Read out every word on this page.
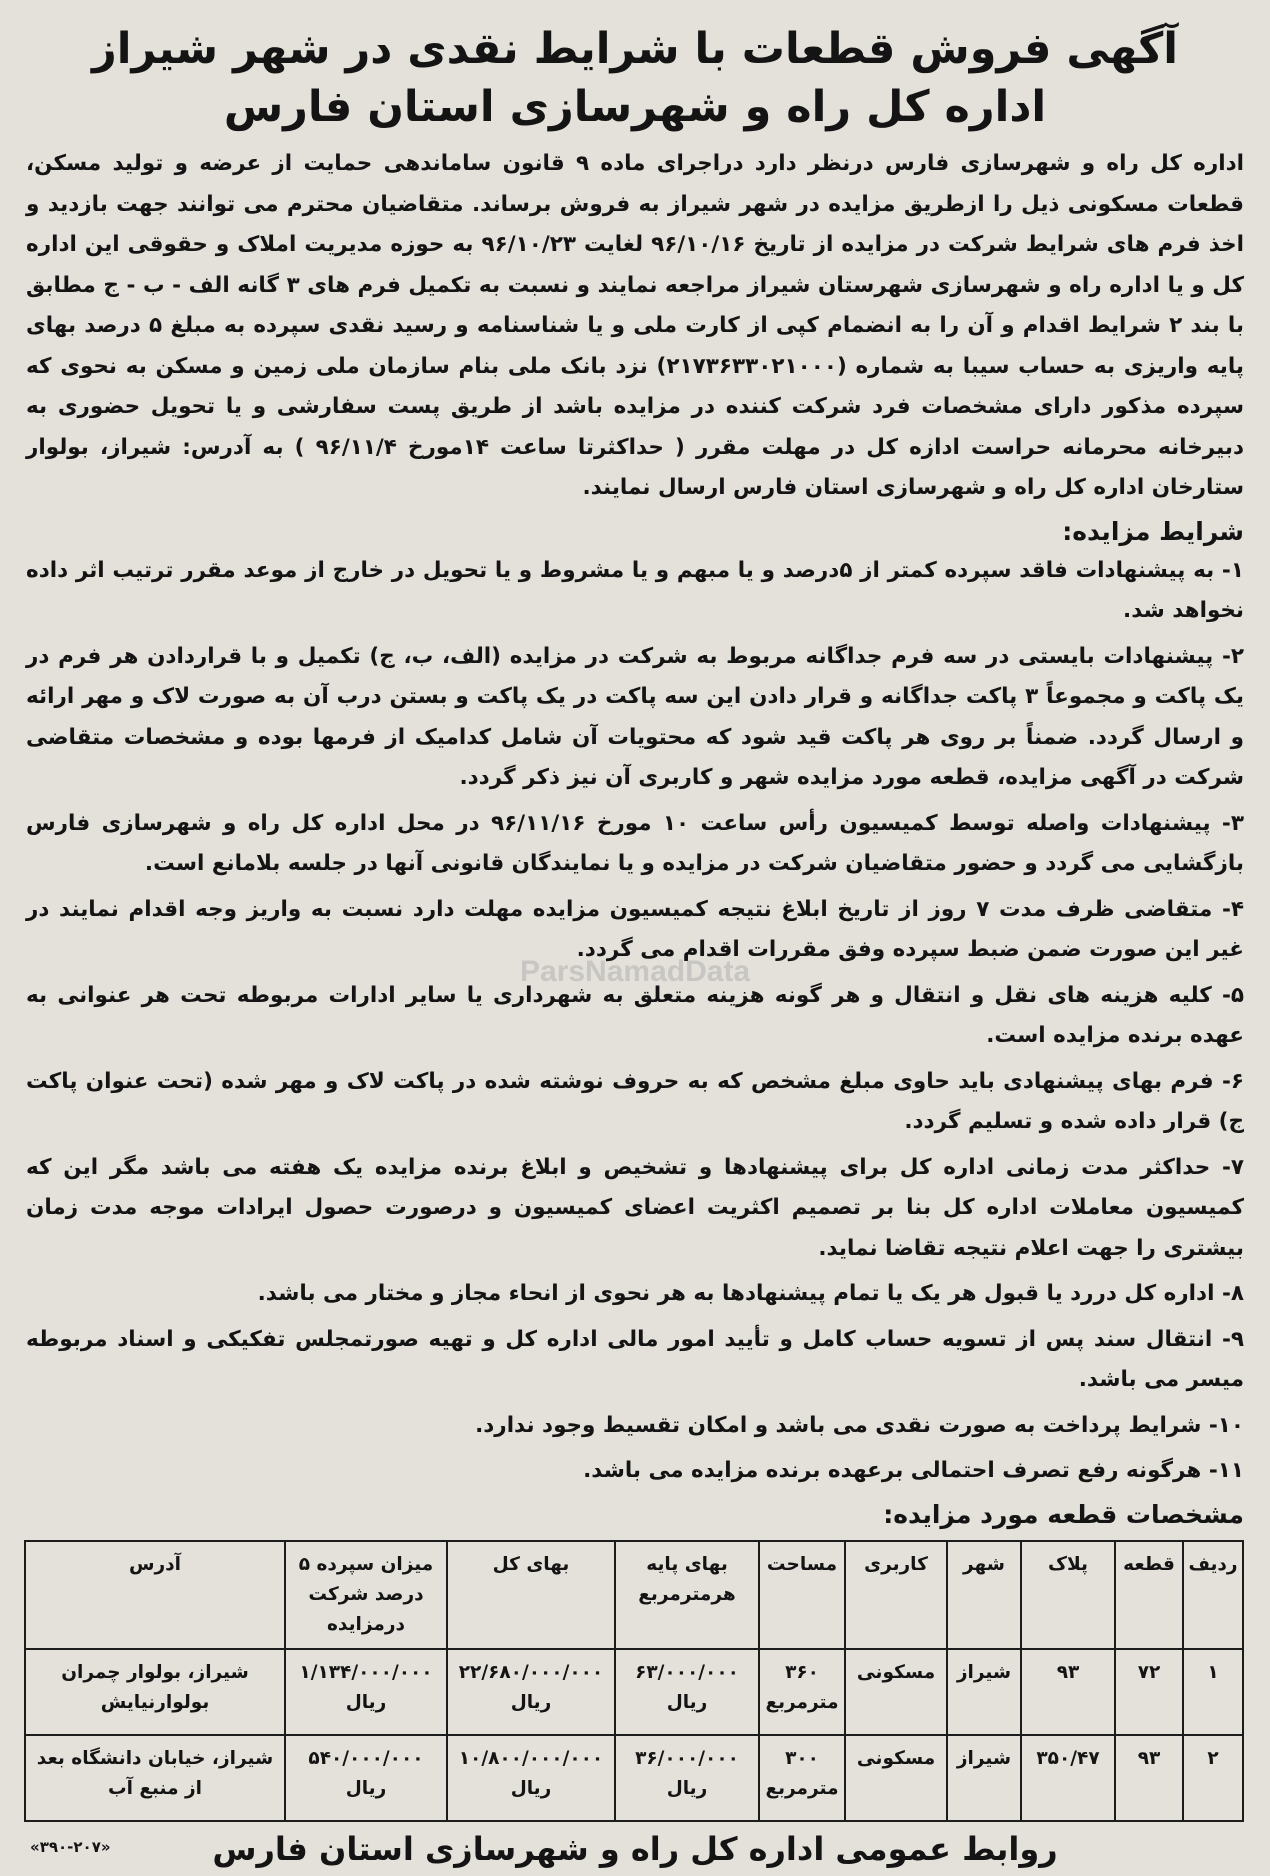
آگهی فروش قطعات با شرایط نقدی در شهر شیراز
اداره کل راه و شهرسازی استان فارس

اداره کل راه و شهرسازی فارس درنظر دارد دراجرای ماده ۹ قانون ساماندهی حمایت از عرضه و تولید مسکن، قطعات مسکونی ذیل را ازطریق مزایده در شهر شیراز به فروش برساند. متقاضیان محترم می توانند جهت بازدید و اخذ فرم های شرایط شرکت در مزایده از تاریخ ۹۶/۱۰/۱۶ لغایت ۹۶/۱۰/۲۳ به حوزه مدیریت املاک و حقوقی این اداره کل و یا اداره راه و شهرسازی شهرستان شیراز مراجعه نمایند و نسبت به تکمیل فرم های ۳ گانه الف - ب - ج مطابق با بند ۲ شرایط اقدام و آن را به انضمام کپی از کارت ملی و یا شناسنامه و رسید نقدی سپرده به مبلغ ۵ درصد بهای پایه واریزی به حساب سیبا به شماره (۲۱۷۳۶۳۳۰۲۱۰۰۰) نزد بانک ملی بنام سازمان ملی زمین و مسکن به نحوی که سپرده مذکور دارای مشخصات فرد شرکت کننده در مزایده باشد از طریق پست سفارشی و یا تحویل حضوری به دبیرخانه محرمانه حراست ادازه کل در مهلت مقرر ( حداکثرتا ساعت ۱۴مورخ ۹۶/۱۱/۴ ) به آدرس: شیراز، بولوار ستارخان اداره کل راه و شهرسازی استان فارس ارسال نمایند.

شرایط مزایده:
۱- به پیشنهادات فاقد سپرده کمتر از ۵درصد و یا مبهم و یا مشروط و یا تحویل در خارج از موعد مقرر ترتیب اثر داده نخواهد شد.
۲- پیشنهادات بایستی در سه فرم جداگانه مربوط به شرکت در مزایده (الف، ب، ج) تکمیل و با قراردادن هر فرم در یک پاکت و مجموعاً ۳ پاکت جداگانه و قرار دادن این سه پاکت در یک پاکت و بستن درب آن به صورت لاک و مهر ارائه و ارسال گردد. ضمناً بر روی هر پاکت قید شود که محتویات آن شامل کدامیک از فرمها بوده و مشخصات متقاضی شرکت در آگهی مزایده، قطعه مورد مزایده شهر و کاربری آن نیز ذکر گردد.
۳- پیشنهادات واصله توسط کمیسیون رأس ساعت ۱۰ مورخ ۹۶/۱۱/۱۶ در محل اداره کل راه و شهرسازی فارس بازگشایی می گردد و حضور متقاضیان شرکت در مزایده و یا نمایندگان قانونی آنها در جلسه بلامانع است.
۴- متقاضی ظرف مدت ۷ روز از تاریخ ابلاغ نتیجه کمیسیون مزایده مهلت دارد نسبت به واریز وجه اقدام نمایند در غیر این صورت ضمن ضبط سپرده وفق مقررات اقدام می گردد.
۵- کلیه هزینه های نقل و انتقال و هر گونه هزینه متعلق به شهرداری یا سایر ادارات مربوطه تحت هر عنوانی به عهده برنده مزایده است.
۶- فرم بهای پیشنهادی باید حاوی مبلغ مشخص که به حروف نوشته شده در پاکت لاک و مهر شده (تحت عنوان پاکت ج) قرار داده شده و تسلیم گردد.
۷- حداکثر مدت زمانی اداره کل برای پیشنهادها و تشخیص و ابلاغ برنده مزایده یک هفته می باشد مگر این که کمیسیون معاملات اداره کل بنا بر تصمیم اکثریت اعضای کمیسیون و درصورت حصول ایرادات موجه مدت زمان بیشتری را جهت اعلام نتیجه تقاضا نماید.
۸- اداره کل دررد یا قبول هر یک یا تمام پیشنهادها به هر نحوی از انحاء مجاز و مختار می باشد.
۹- انتقال سند پس از تسویه حساب کامل و تأیید امور مالی اداره کل و تهیه صورتمجلس تفکیکی و اسناد مربوطه میسر می باشد.
۱۰- شرایط پرداخت به صورت نقدی می باشد و امکان تقسیط وجود ندارد.
۱۱- هرگونه رفع تصرف احتمالی برعهده برنده مزایده می باشد.
مشخصات قطعه مورد مزایده:
ردیف	قطعه	پلاک	شهر	کاربری	مساحت	بهای پایه هرمترمربع	بهای کل	میزان سپرده ۵ درصد شرکت درمزایده	آدرس
۱	۷۲	۹۳	شیراز	مسکونی	۳۶۰ مترمربع	۶۳/۰۰۰/۰۰۰ ریال	۲۲/۶۸۰/۰۰۰/۰۰۰ ریال	۱/۱۳۴/۰۰۰/۰۰۰ ریال	شیراز، بولوار چمران بولوارنیایش
۲	۹۳	۳۵۰/۴۷	شیراز	مسکونی	۳۰۰ مترمربع	۳۶/۰۰۰/۰۰۰ ریال	۱۰/۸۰۰/۰۰۰/۰۰۰ ریال	۵۴۰/۰۰۰/۰۰۰ ریال	شیراز، خیابان دانشگاه بعد از منبع آب
ParsNamadData
روابط عمومی اداره کل راه و شهرسازی استان فارس
«۳۹۰-۲۰۷»
